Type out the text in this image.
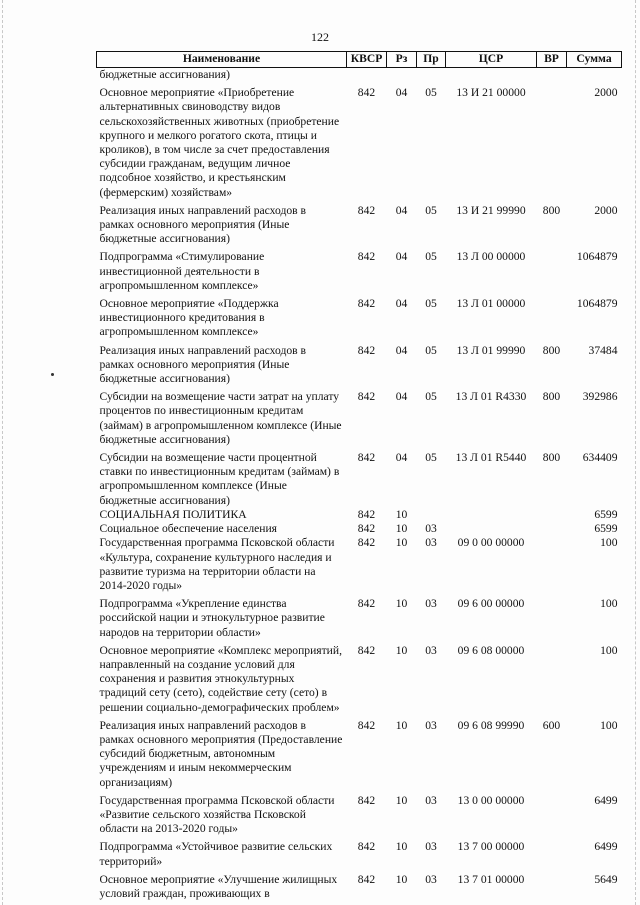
122
Наименование	КВСР	Рз	Пр	ЦСР	ВР	Сумма
бюджетные ассигнования)						
Основное мероприятие «Приобретение альтернативных свиноводству видов сельскохозяйственных животных (приобретение крупного и мелкого рогатого скота, птицы и кроликов), в том числе за счет предоставления субсидии гражданам, ведущим личное подсобное хозяйство, и крестьянским (фермерским) хозяйствам»	842	04	05	13 И 21 00000		2000
Реализация иных направлений расходов в рамках основного мероприятия (Иные бюджетные ассигнования)	842	04	05	13 И 21 99990	800	2000
Подпрограмма «Стимулирование инвестиционной деятельности в агропромышленном комплексе»	842	04	05	13 Л 00 00000		1064879
Основное мероприятие «Поддержка инвестиционного кредитования в агропромышленном комплексе»	842	04	05	13 Л 01 00000		1064879
Реализация иных направлений расходов в рамках основного мероприятия (Иные бюджетные ассигнования)	842	04	05	13 Л 01 99990	800	37484
Субсидии на возмещение части затрат на уплату процентов по инвестиционным кредитам (займам) в агропромышленном комплексе (Иные бюджетные ассигнования)	842	04	05	13 Л 01 R4330	800	392986
Субсидии на возмещение части процентной ставки по инвестиционным кредитам (займам) в агропромышленном комплексе (Иные бюджетные ассигнования)	842	04	05	13 Л 01 R5440	800	634409
СОЦИАЛЬНАЯ ПОЛИТИКА	842	10				6599
Социальное обеспечение населения	842	10	03			6599
Государственная программа Псковской области «Культура, сохранение культурного наследия и развитие туризма на территории области на 2014-2020 годы»	842	10	03	09 0 00 00000		100
Подпрограмма «Укрепление единства российской нации и этнокультурное развитие народов на территории области»	842	10	03	09 6 00 00000		100
Основное мероприятие «Комплекс мероприятий, направленный на создание условий для сохранения и развития этнокультурных традиций сету (сето), содействие сету (сето) в решении социально-демографических проблем»	842	10	03	09 6 08 00000		100
Реализация иных направлений расходов в рамках основного мероприятия (Предоставление субсидий бюджетным, автономным учреждениям и иным некоммерческим организациям)	842	10	03	09 6 08 99990	600	100
Государственная программа Псковской области «Развитие сельского хозяйства Псковской области на 2013-2020 годы»	842	10	03	13 0 00 00000		6499
Подпрограмма «Устойчивое развитие сельских территорий»	842	10	03	13 7 00 00000		6499
Основное мероприятие «Улучшение жилищных условий граждан, проживающих в	842	10	03	13 7 01 00000		5649
